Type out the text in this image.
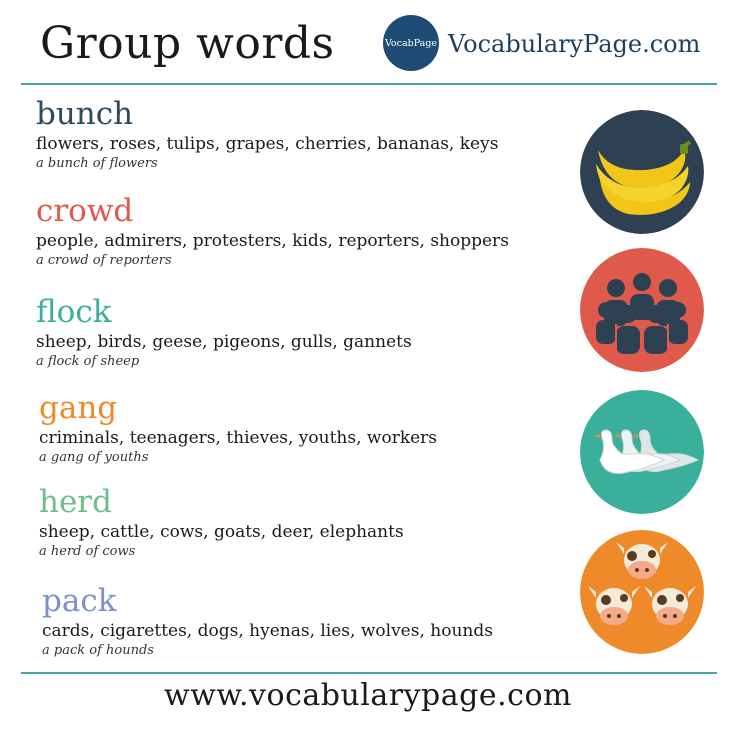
Group words	VocabPage VocabularyPage.com
bunch
flowers, roses, tulips, grapes, cherries, bananas, keys
a bunch of flowers
crowd
people, admirers, protesters, kids, reporters, shoppers
a crowd of reporters
flock
sheep, birds, geese, pigeons, gulls, gannets
a flock of sheep
gang
criminals, teenagers, thieves, youths, workers
a gang of youths
herd
sheep, cattle, cows, goats, deer, elephants
a herd of cows
pack
cards, cigarettes, dogs, hyenas, lies, wolves, hounds
a pack of hounds
www.vocabularypage.com
